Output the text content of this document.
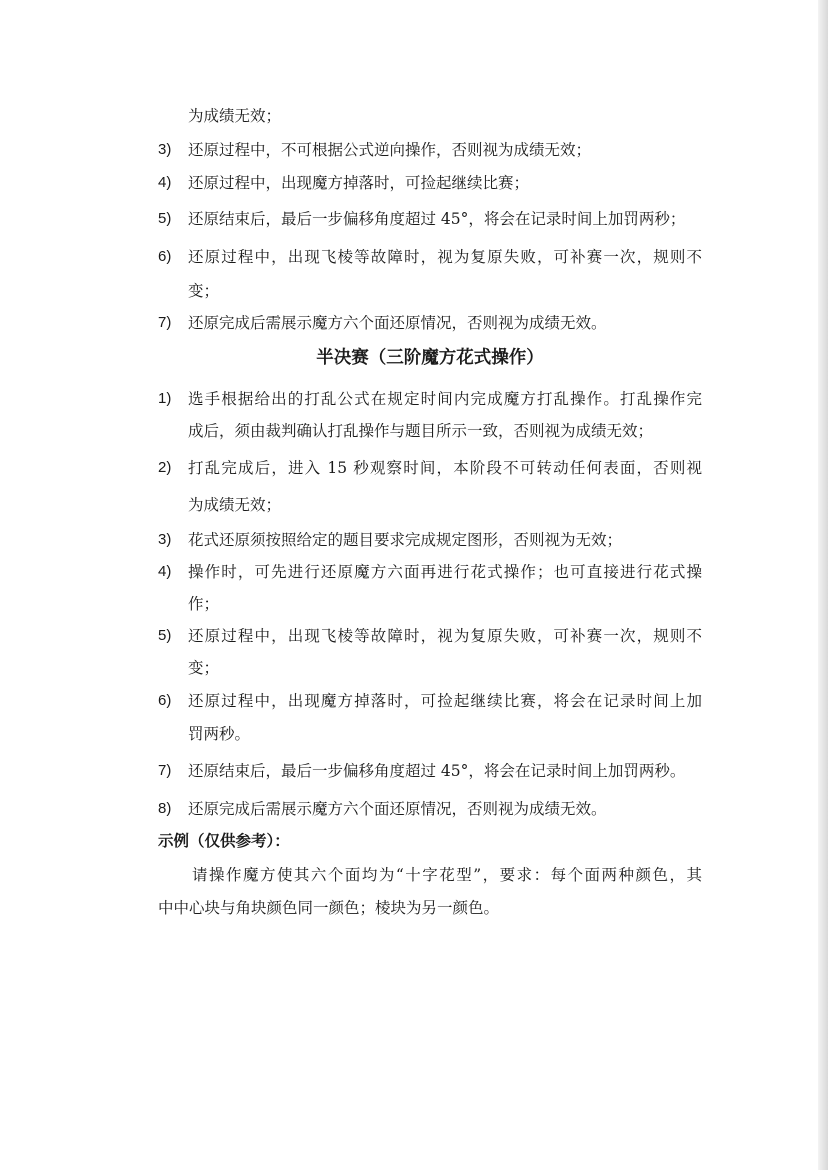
为成绩无效；
3) 还原过程中，不可根据公式逆向操作，否则视为成绩无效；
4) 还原过程中，出现魔方掉落时，可捡起继续比赛；
5) 还原结束后，最后一步偏移角度超过 45°，将会在记录时间上加罚两秒；
6) 还原过程中，出现飞棱等故障时，视为复原失败，可补赛一次，规则不
变；
7) 还原完成后需展示魔方六个面还原情况，否则视为成绩无效。
半决赛（三阶魔方花式操作）
1) 选手根据给出的打乱公式在规定时间内完成魔方打乱操作。打乱操作完
成后，须由裁判确认打乱操作与题目所示一致，否则视为成绩无效；
2) 打乱完成后，进入 15 秒观察时间，本阶段不可转动任何表面，否则视
为成绩无效；
3) 花式还原须按照给定的题目要求完成规定图形，否则视为无效；
4) 操作时，可先进行还原魔方六面再进行花式操作；也可直接进行花式操
作；
5) 还原过程中，出现飞棱等故障时，视为复原失败，可补赛一次，规则不
变；
6) 还原过程中，出现魔方掉落时，可捡起继续比赛，将会在记录时间上加
罚两秒。
7) 还原结束后，最后一步偏移角度超过 45°，将会在记录时间上加罚两秒。
8) 还原完成后需展示魔方六个面还原情况，否则视为成绩无效。
示例（仅供参考）：
请操作魔方使其六个面均为“十字花型”，要求：每个面两种颜色，其
中中心块与角块颜色同一颜色；棱块为另一颜色。
